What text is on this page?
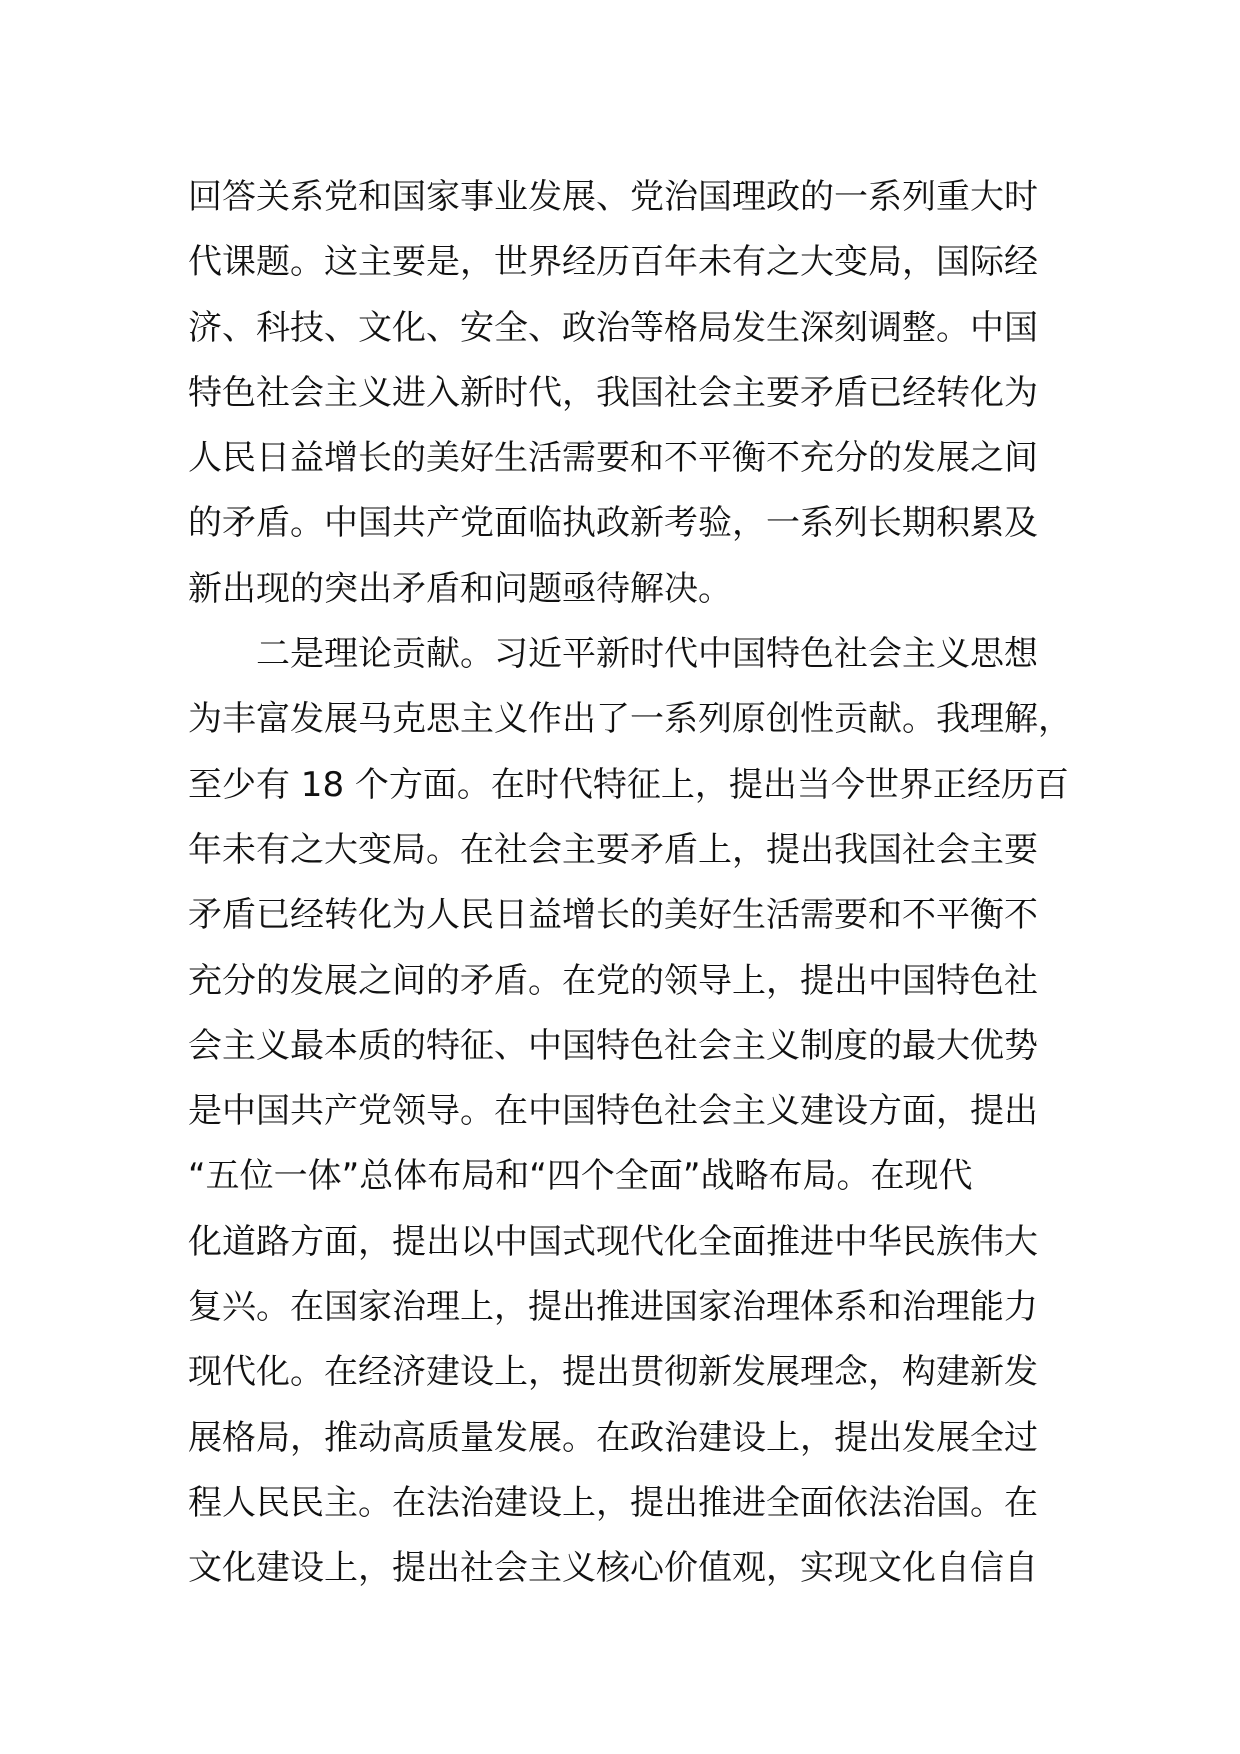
回答关系党和国家事业发展、党治国理政的一系列重大时
代课题。这主要是，世界经历百年未有之大变局，国际经
济、科技、文化、安全、政治等格局发生深刻调整。中国
特色社会主义进入新时代，我国社会主要矛盾已经转化为
人民日益增长的美好生活需要和不平衡不充分的发展之间
的矛盾。中国共产党面临执政新考验，一系列长期积累及
新出现的突出矛盾和问题亟待解决。
二是理论贡献。习近平新时代中国特色社会主义思想
为丰富发展马克思主义作出了一系列原创性贡献。我理解，
至少有 18 个方面。在时代特征上，提出当今世界正经历百
年未有之大变局。在社会主要矛盾上，提出我国社会主要
矛盾已经转化为人民日益增长的美好生活需要和不平衡不
充分的发展之间的矛盾。在党的领导上，提出中国特色社
会主义最本质的特征、中国特色社会主义制度的最大优势
是中国共产党领导。在中国特色社会主义建设方面，提出
“五位一体”总体布局和“四个全面”战略布局。在现代
化道路方面，提出以中国式现代化全面推进中华民族伟大
复兴。在国家治理上，提出推进国家治理体系和治理能力
现代化。在经济建设上，提出贯彻新发展理念，构建新发
展格局，推动高质量发展。在政治建设上，提出发展全过
程人民民主。在法治建设上，提出推进全面依法治国。在
文化建设上，提出社会主义核心价值观，实现文化自信自
